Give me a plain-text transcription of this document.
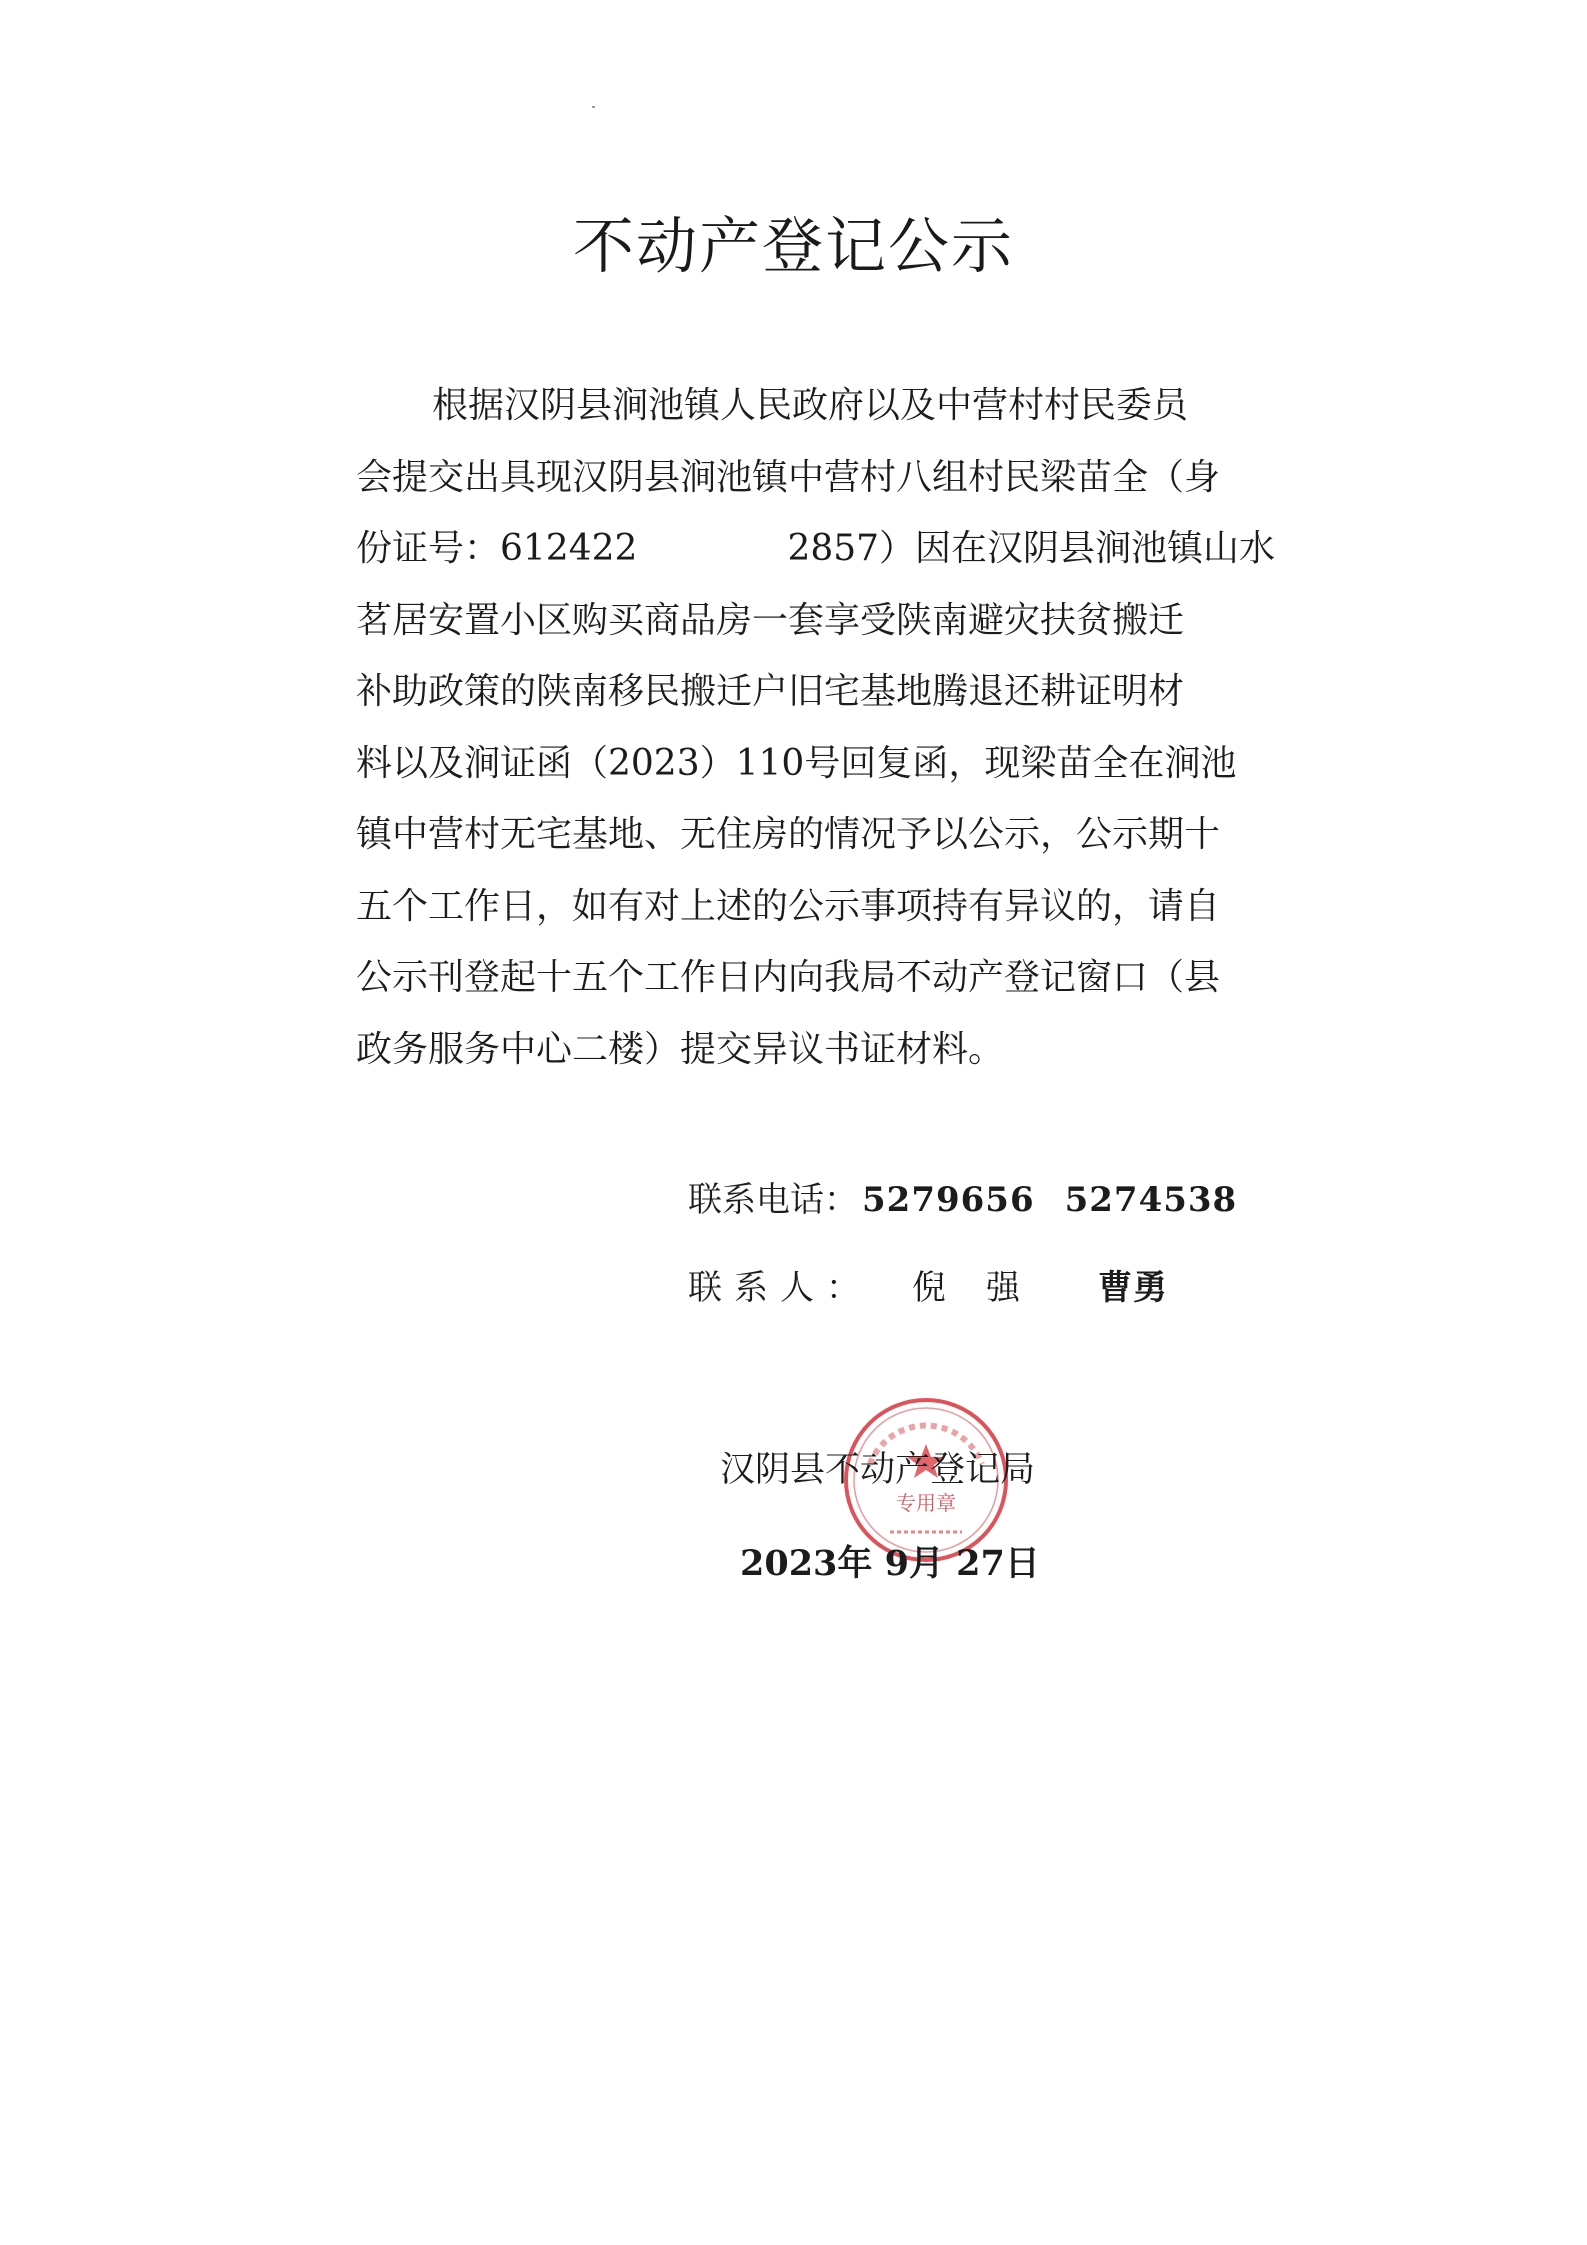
不动产登记公示
根据汉阴县涧池镇人民政府以及中营村村民委员
会提交出具现汉阴县涧池镇中营村八组村民梁苗全（身
份证号：612422	2857）因在汉阴县涧池镇山水
茗居安置小区购买商品房一套享受陕南避灾扶贫搬迁
补助政策的陕南移民搬迁户旧宅基地腾退还耕证明材
料以及涧证函（2023）110号回复函，现梁苗全在涧池
镇中营村无宅基地、无住房的情况予以公示，公示期十
五个工作日，如有对上述的公示事项持有异议的，请自
公示刊登起十五个工作日内向我局不动产登记窗口（县
政务服务中心二楼）提交异议书证材料。
联系电话： 5279656 5274538
联系人： 倪 强 曹勇
专用章
汉阴县不动产登记局
2023年 9月 27日
